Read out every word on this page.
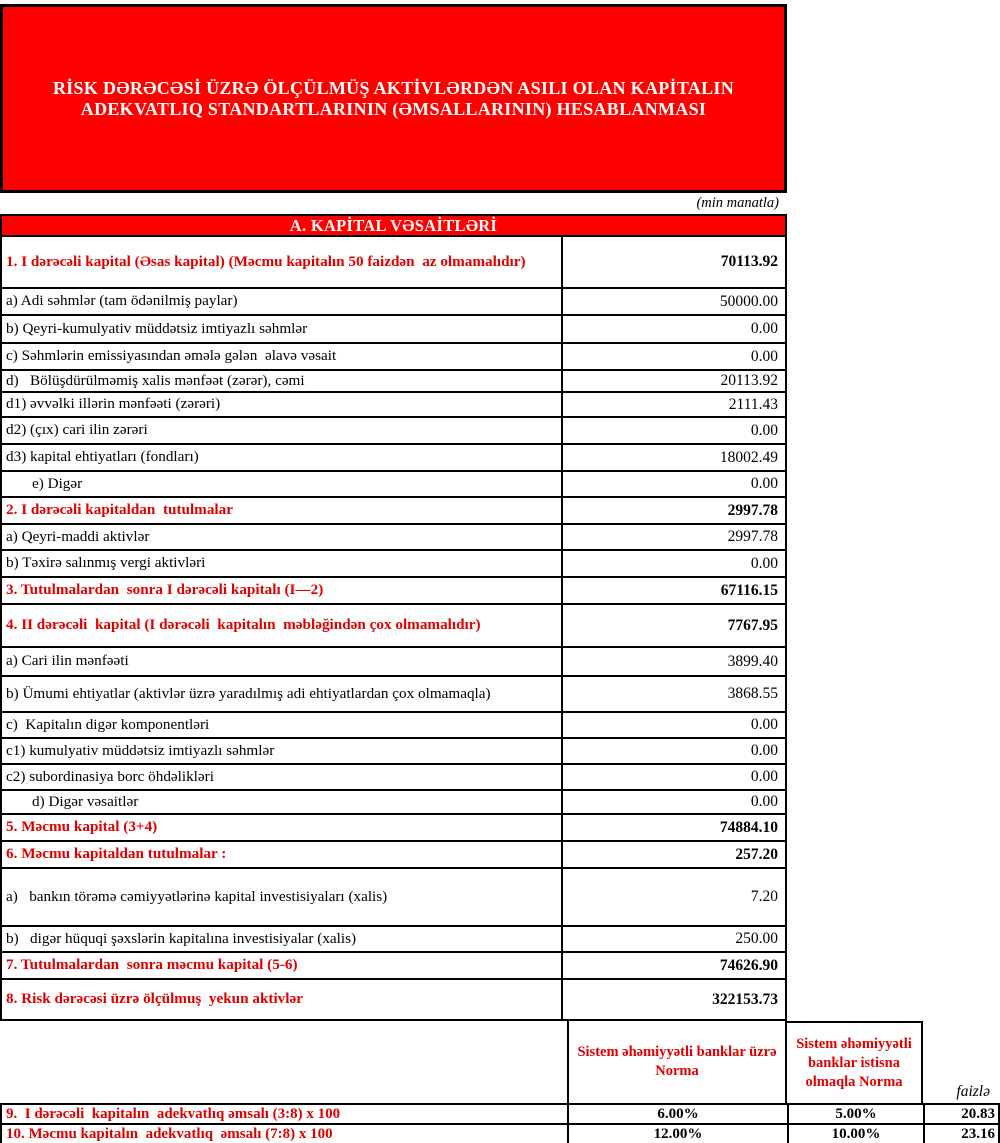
RİSK DƏRƏCƏSİ ÜZRƏ ÖLÇÜLMÜŞ AKTİVLƏRDƏN ASILI OLAN KAPİTALIN
ADEKVATLIQ STANDARTLARININ (ƏMSALLARININ) HESABLANMASI
(min manatla)
A. KAPİTAL VƏSAİTLƏRİ
1. I dərəcəli kapital (Əsas kapital) (Məcmu kapitalın 50 faizdən  az olmamalıdır)	70113.92
a) Adi səhmlər (tam ödənilmiş paylar)	50000.00
b) Qeyri-kumulyativ müddətsiz imtiyazlı səhmlər	0.00
c) Səhmlərin emissiyasından əmələ gələn  əlavə vəsait	0.00
d)   Bölüşdürülməmiş xalis mənfəət (zərər), cəmi	20113.92
d1) əvvəlki illərin mənfəəti (zərəri)	2111.43
d2) (çıx) cari ilin zərəri	0.00
d3) kapital ehtiyatları (fondları)	18002.49
e) Digər	0.00
2. I dərəcəli kapitaldan  tutulmalar	2997.78
a) Qeyri-maddi aktivlər	2997.78
b) Təxirə salınmış vergi aktivləri	0.00
3. Tutulmalardan  sonra I dərəcəli kapitalı (I—2)	67116.15
4. II dərəcəli  kapital (I dərəcəli  kapitalın  məbləğindən çox olmamalıdır)	7767.95
a) Cari ilin mənfəəti	3899.40
b) Ümumi ehtiyatlar (aktivlər üzrə yaradılmış adi ehtiyatlardan çox olmamaqla)	3868.55
c)  Kapitalın digər komponentləri	0.00
c1) kumulyativ müddətsiz imtiyazlı səhmlər	0.00
c2) subordinasiya borc öhdəlikləri	0.00
d) Digər vəsaitlər	0.00
5. Məcmu kapital (3+4)	74884.10
6. Məcmu kapitaldan tutulmalar :	257.20
a)   bankın törəmə cəmiyyətlərinə kapital investisiyaları (xalis)	7.20
b)   digər hüquqi şəxslərin kapitalına investisiyalar (xalis)	250.00
7. Tutulmalardan  sonra məcmu kapital (5-6)	74626.90
8. Risk dərəcəsi üzrə ölçülmuş  yekun aktivlər	322153.73
Sistem əhəmiyyətli banklar üzrə Norma
Sistem əhəmiyyətli banklar istisna olmaqla Norma
faizlə
9.  I dərəcəli  kapitalın  adekvatlıq əmsalı (3:8) x 100	6.00%	5.00%	20.83
10. Məcmu kapitalın  adekvatlıq  əmsalı (7:8) x 100	12.00%	10.00%	23.16
